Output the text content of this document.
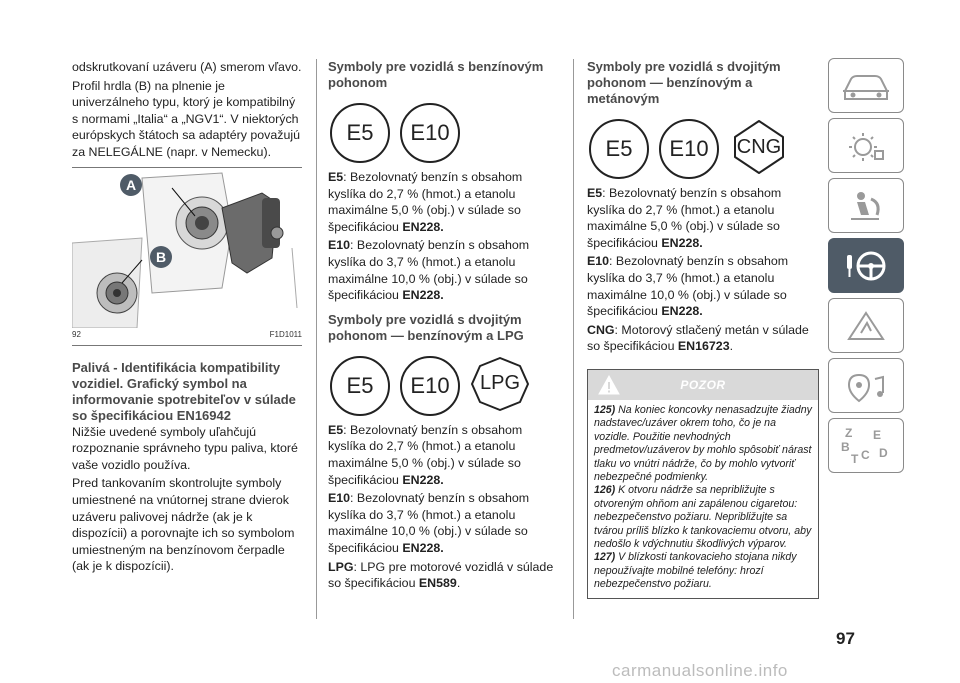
odskrutkovaní uzáveru (A) smerom vľavo.

Profil hrdla (B) na plnenie je univerzálneho typu, ktorý je kompatibilný s normami „Italia“ a „NGV1“. V niektorých európskych štátoch sa adaptéry považujú za NELEGÁLNE (napr. v Nemecku).

A
B
92	F1D1011
Palivá - Identifikácia kompatibility vozidiel. Grafický symbol na informovanie spotrebiteľov v súlade so špecifikáciou EN16942

Nižšie uvedené symboly uľahčujú rozpoznanie správneho typu paliva, ktoré vaše vozidlo používa.

Pred tankovaním skontrolujte symboly umiestnené na vnútornej strane dvierok uzáveru palivovej nádrže (ak je k dispozícii) a porovnajte ich so symbolom umiestneným na benzínovom čerpadle (ak je k dispozícii).

Symboly pre vozidlá s benzínovým pohonom
E5	E10

E5: Bezolovnatý benzín s obsahom kyslíka do 2,7 % (hmot.) a etanolu maximálne 5,0 % (obj.) v súlade so špecifikáciou EN228.

E10: Bezolovnatý benzín s obsahom kyslíka do 3,7 % (hmot.) a etanolu maximálne 10,0 % (obj.) v súlade so špecifikáciou EN228.

Symboly pre vozidlá s dvojitým pohonom — benzínovým a LPG
E5	E10	LPG

E5: Bezolovnatý benzín s obsahom kyslíka do 2,7 % (hmot.) a etanolu maximálne 5,0 % (obj.) v súlade so špecifikáciou EN228.

E10: Bezolovnatý benzín s obsahom kyslíka do 3,7 % (hmot.) a etanolu maximálne 10,0 % (obj.) v súlade so špecifikáciou EN228.

LPG: LPG pre motorové vozidlá v súlade so špecifikáciou EN589.

Symboly pre vozidlá s dvojitým pohonom — benzínovým a metánovým
E5	E10	CNG

E5: Bezolovnatý benzín s obsahom kyslíka do 2,7 % (hmot.) a etanolu maximálne 5,0 % (obj.) v súlade so špecifikáciou EN228.

E10: Bezolovnatý benzín s obsahom kyslíka do 3,7 % (hmot.) a etanolu maximálne 10,0 % (obj.) v súlade so špecifikáciou EN228.

CNG: Motorový stlačený metán v súlade so špecifikáciou EN16723.

POZOR
125) Na koniec koncovky nenasadzujte žiadny nadstavec/uzáver okrem toho, čo je na vozidle. Použitie nevhodných predmetov/uzáverov by mohlo spôsobiť nárast tlaku vo vnútri nádrže, čo by mohlo vytvoriť nebezpečné podmienky.
126) K otvoru nádrže sa nepribližujte s otvoreným ohňom ani zapálenou cigaretou: nebezpečenstvo požiaru. Nepribližujte sa tvárou príliš blízko k tankovaciemu otvoru, aby nedošlo k vdýchnutiu škodlivých výparov.
127) V blízkosti tankovacieho stojana nikdy nepoužívajte mobilné telefóny: hrozí nebezpečenstvo požiaru.
Z E
B
C
T D
97
carmanualsonline.info
